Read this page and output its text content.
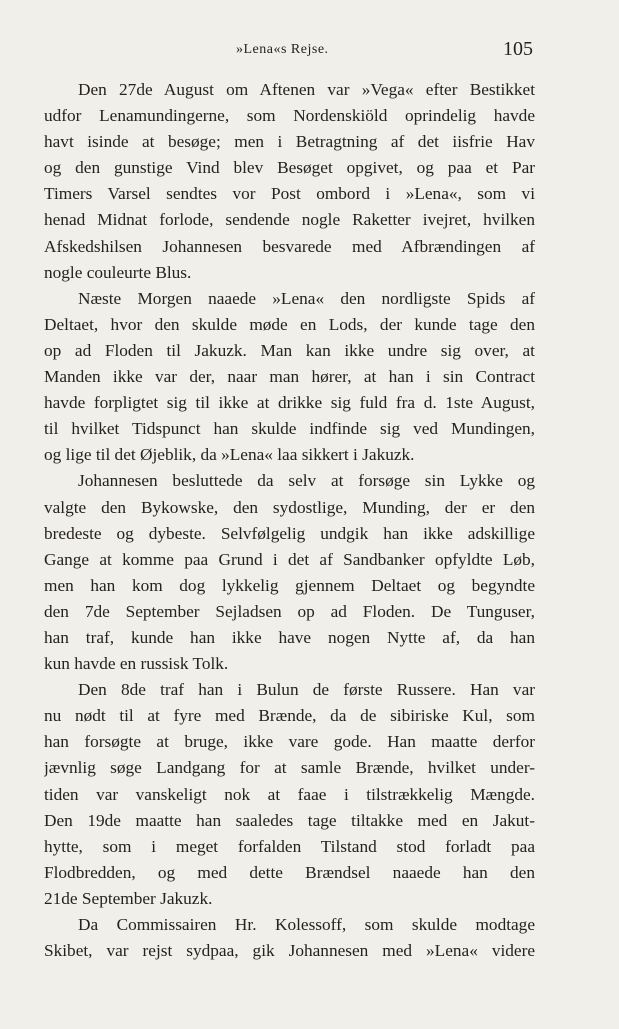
»Lena«s Rejse.	105
Den 27de August om Aftenen var »Vega« efter Bestikket
udfor Lenamundingerne, som Nordenskiöld oprindelig havde
havt isinde at besøge; men i Betragtning af det iisfrie Hav
og den gunstige Vind blev Besøget opgivet, og paa et Par
Timers Varsel sendtes vor Post ombord i »Lena«, som vi
henad Midnat forlode, sendende nogle Raketter ivejret, hvilken
Afskedshilsen Johannesen besvarede med Afbrændingen af
nogle couleurte Blus.
Næste Morgen naaede »Lena« den nordligste Spids af
Deltaet, hvor den skulde møde en Lods, der kunde tage den
op ad Floden til Jakuzk. Man kan ikke undre sig over, at
Manden ikke var der, naar man hører, at han i sin Contract
havde forpligtet sig til ikke at drikke sig fuld fra d. 1ste August,
til hvilket Tidspunct han skulde indfinde sig ved Mundingen,
og lige til det Øjeblik, da »Lena« laa sikkert i Jakuzk.
Johannesen besluttede da selv at forsøge sin Lykke og
valgte den Bykowske, den sydostlige, Munding, der er den
bredeste og dybeste. Selvfølgelig undgik han ikke adskillige
Gange at komme paa Grund i det af Sandbanker opfyldte Løb,
men han kom dog lykkelig gjennem Deltaet og begyndte
den 7de September Sejladsen op ad Floden. De Tunguser,
han traf, kunde han ikke have nogen Nytte af, da han
kun havde en russisk Tolk.
Den 8de traf han i Bulun de første Russere. Han var
nu nødt til at fyre med Brænde, da de sibiriske Kul, som
han forsøgte at bruge, ikke vare gode. Han maatte derfor
jævnlig søge Landgang for at samle Brænde, hvilket under-
tiden var vanskeligt nok at faae i tilstrækkelig Mængde.
Den 19de maatte han saaledes tage tiltakke med en Jakut-
hytte, som i meget forfalden Tilstand stod forladt paa
Flodbredden, og med dette Brændsel naaede han den
21de September Jakuzk.
Da Commissairen Hr. Kolessoff, som skulde modtage
Skibet, var rejst sydpaa, gik Johannesen med »Lena« videre
